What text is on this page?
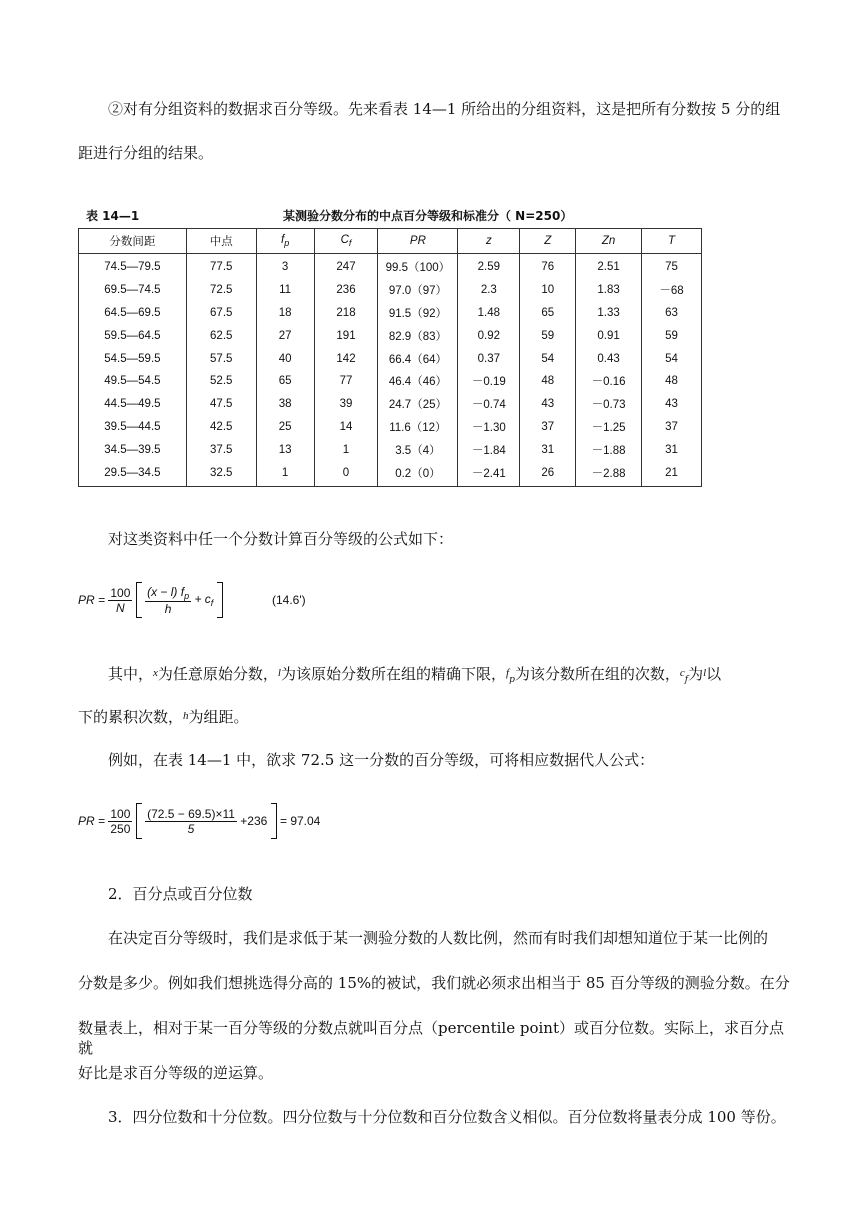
②对有分组资料的数据求百分等级。先来看表 14—1 所给出的分组资料，这是把所有分数按 5 分的组
距进行分组的结果。
表 14—1	某测验分数分布的中点百分等级和标准分（ N=250）
分数间距	中点	$f_p$	$C_f$	PR	z	Z	Zn	T
74.5—79.5	77.5	3	247	99.5（100）	2.59	76	2.51	75
69.5—74.5	72.5	11	236	97.0（97）	2.3	10	1.83	－68
64.5—69.5	67.5	18	218	91.5（92）	1.48	65	1.33	63
59.5—64.5	62.5	27	191	82.9（83）	0.92	59	0.91	59
54.5—59.5	57.5	40	142	66.4（64）	0.37	54	0.43	54
49.5—54.5	52.5	65	77	46.4（46）	－0.19	48	－0.16	48
44.5—49.5	47.5	38	39	24.7（25）	－0.74	43	－0.73	43
39.5—44.5	42.5	25	14	11.6（12）	－1.30	37	－1.25	37
34.5—39.5	37.5	13	1	3.5（4）	－1.84	31	－1.88	31
29.5—34.5	32.5	1	0	0.2（0）	－2.41	26	－2.88	21
对这类资料中任一个分数计算百分等级的公式如下：
PR = $\frac{100}{N}$
$\frac{(x - l) f_p}{h} + c_f$	(14.6')
其中，$^x$为任意原始分数，$^l$为该原始分数所在组的精确下限，$^f_p$为该分数所在组的次数，$^c_f$为$^l$以
下的累积次数，$^h$为组距。
例如，在表 14—1 中，欲求 72.5 这一分数的百分等级，可将相应数据代人公式：
PR = $\frac{100}{250}$
$\frac{(72.5 - 69.5)\times 11}{5} +236 = 97.04$
2．百分点或百分位数
在决定百分等级时，我们是求低于某一测验分数的人数比例，然而有时我们却想知道位于某一比例的
分数是多少。例如我们想挑选得分高的 15%的被试，我们就必须求出相当于 85 百分等级的测验分数。在分
数量表上，相对于某一百分等级的分数点就叫百分点（percentile point）或百分位数。实际上，求百分点就
好比是求百分等级的逆运算。
3．四分位数和十分位数。四分位数与十分位数和百分位数含义相似。百分位数将量表分成 100 等份。
